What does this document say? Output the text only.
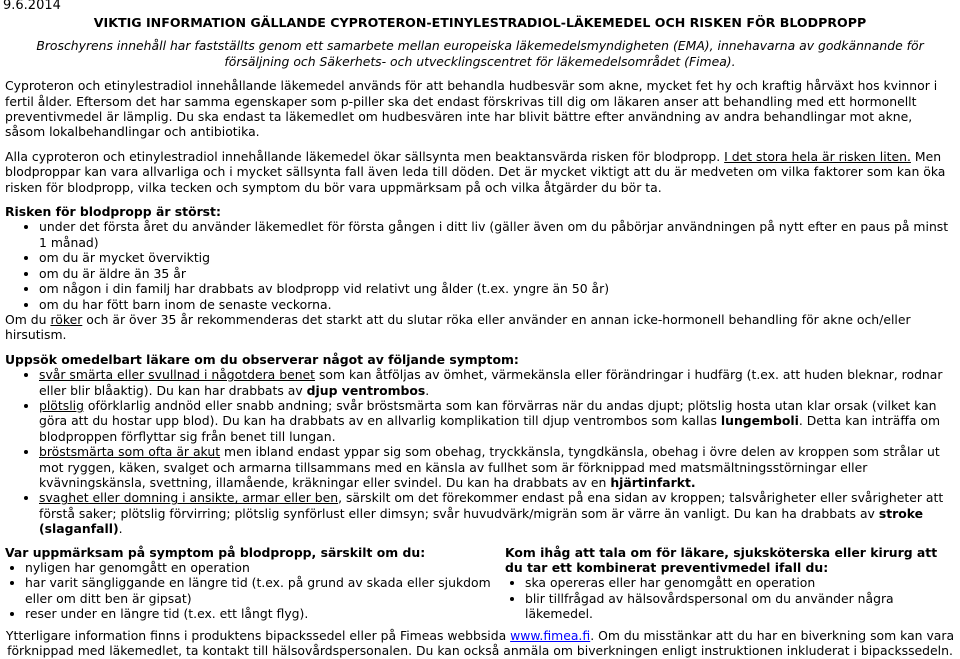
9.6.2014
VIKTIG INFORMATION GÄLLANDE CYPROTERON-ETINYLESTRADIOL-LÄKEMEDEL OCH RISKEN FÖR BLODPROPP
Broschyrens innehåll har fastställts genom ett samarbete mellan europeiska läkemedelsmyndigheten (EMA), innehavarna av godkännande för försäljning och Säkerhets- och utvecklingscentret för läkemedelsområdet (Fimea).

Cyproteron och etinylestradiol innehållande läkemedel används för att behandla hudbesvär som akne, mycket fet hy och kraftig hårväxt hos kvinnor i fertil ålder. Eftersom det har samma egenskaper som p-piller ska det endast förskrivas till dig om läkaren anser att behandling med ett hormonellt preventivmedel är lämplig. Du ska endast ta läkemedlet om hudbesvären inte har blivit bättre efter användning av andra behandlingar mot akne, såsom lokalbehandlingar och antibiotika.

Alla cyproteron och etinylestradiol innehållande läkemedel ökar sällsynta men beaktansvärda risken för blodpropp. I det stora hela är risken liten. Men blodproppar kan vara allvarliga och i mycket sällsynta fall även leda till döden. Det är mycket viktigt att du är medveten om vilka faktorer som kan öka risken för blodpropp, vilka tecken och symptom du bör vara uppmärksam på och vilka åtgärder du bör ta.

Risken för blodpropp är störst:
• under det första året du använder läkemedlet för första gången i ditt liv (gäller även om du påbörjar användningen på nytt efter en paus på minst 1 månad)
• om du är mycket överviktig
• om du är äldre än 35 år
• om någon i din familj har drabbats av blodpropp vid relativt ung ålder (t.ex. yngre än 50 år)
• om du har fött barn inom de senaste veckorna.

Om du röker och är över 35 år rekommenderas det starkt att du slutar röka eller använder en annan icke-hormonell behandling för akne och/eller hirsutism.

Uppsök omedelbart läkare om du observerar något av följande symptom:
• svår smärta eller svullnad i någotdera benet som kan åtföljas av ömhet, värmekänsla eller förändringar i hudfärg (t.ex. att huden bleknar, rodnar eller blir blåaktig). Du kan har drabbats av djup ventrombos.
• plötslig oförklarlig andnöd eller snabb andning; svår bröstsmärta som kan förvärras när du andas djupt; plötslig hosta utan klar orsak (vilket kan göra att du hostar upp blod). Du kan ha drabbats av en allvarlig komplikation till djup ventrombos som kallas lungemboli. Detta kan inträffa om blodproppen förflyttar sig från benet till lungan.
• bröstsmärta som ofta är akut men ibland endast yppar sig som obehag, tryckkänsla, tyngdkänsla, obehag i övre delen av kroppen som strålar ut mot ryggen, käken, svalget och armarna tillsammans med en känsla av fullhet som är förknippad med matsmältningsstörningar eller kvävningskänsla, svettning, illamående, kräkningar eller svindel. Du kan ha drabbats av en hjärtinfarkt.
• svaghet eller domning i ansikte, armar eller ben, särskilt om det förekommer endast på ena sidan av kroppen; talsvårigheter eller svårigheter att förstå saker; plötslig förvirring; plötslig synförlust eller dimsyn; svår huvudvärk/migrän som är värre än vanligt. Du kan ha drabbats av stroke (slaganfall).
Var uppmärksam på symptom på blodpropp, särskilt om du:
• nyligen har genomgått en operation
• har varit sängliggande en längre tid (t.ex. på grund av skada eller sjukdom eller om ditt ben är gipsat)
• reser under en längre tid (t.ex. ett långt flyg).
Kom ihåg att tala om för läkare, sjuksköterska eller kirurg att du tar ett kombinerat preventivmedel ifall du:
• ska opereras eller har genomgått en operation
• blir tillfrågad av hälsovårdspersonal om du använder några läkemedel.
Ytterligare information finns i produktens bipackssedel eller på Fimeas webbsida www.fimea.fi. Om du misstänkar att du har en biverkning som kan vara förknippad med läkemedlet, ta kontakt till hälsovårdspersonalen. Du kan också anmäla om biverkningen enligt instruktionen inkluderat i bipackssedeln.
